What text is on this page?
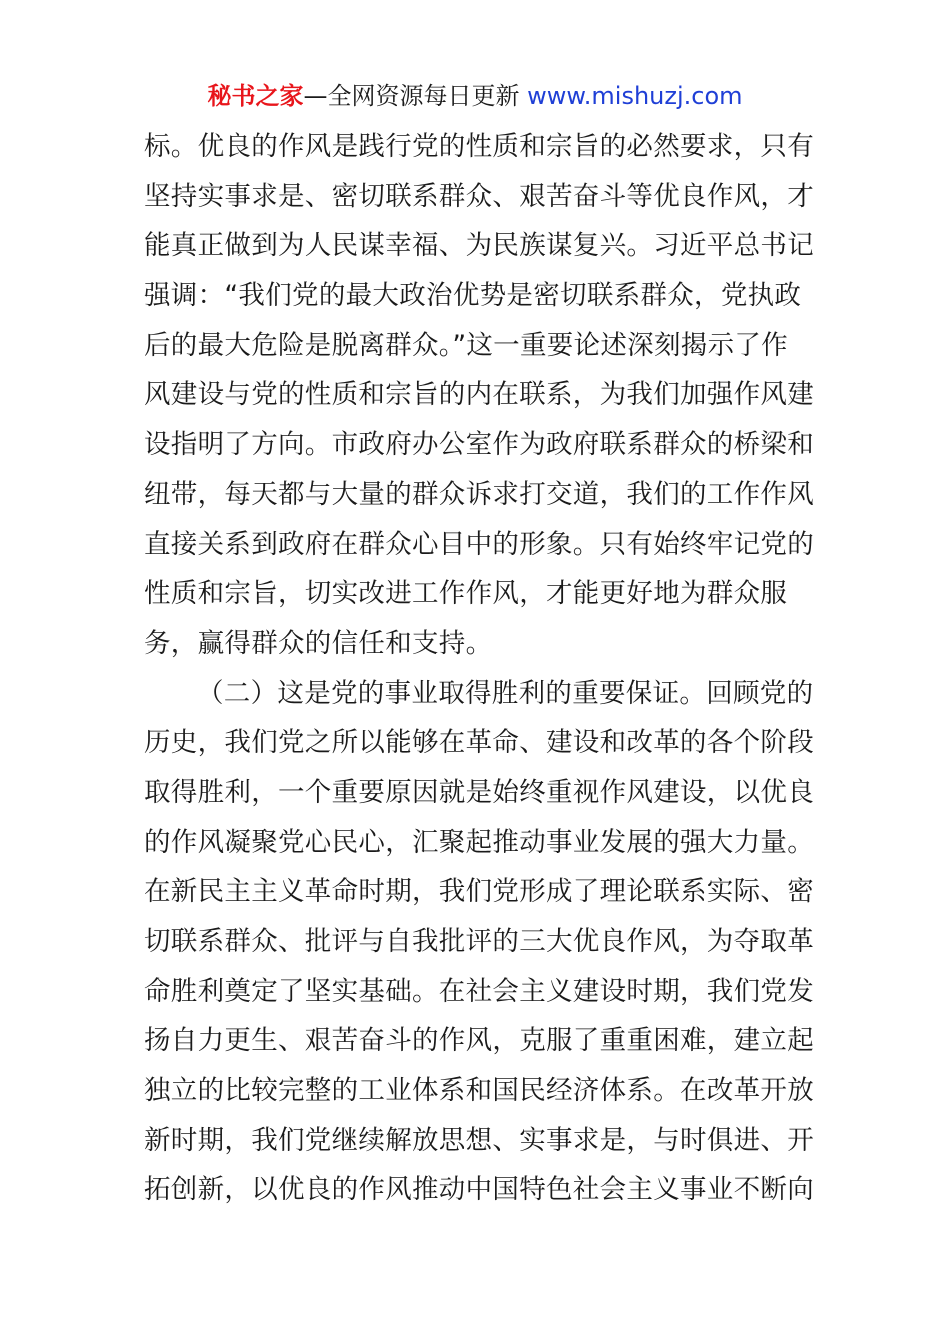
秘书之家—全网资源每日更新 www.mishuzj.com
标。优良的作风是践行党的性质和宗旨的必然要求，只有
坚持实事求是、密切联系群众、艰苦奋斗等优良作风，才
能真正做到为人民谋幸福、为民族谋复兴。习近平总书记
强调：“我们党的最大政治优势是密切联系群众，党执政
后的最大危险是脱离群众。”这一重要论述深刻揭示了作
风建设与党的性质和宗旨的内在联系，为我们加强作风建
设指明了方向。市政府办公室作为政府联系群众的桥梁和
纽带，每天都与大量的群众诉求打交道，我们的工作作风
直接关系到政府在群众心目中的形象。只有始终牢记党的
性质和宗旨，切实改进工作作风，才能更好地为群众服
务，赢得群众的信任和支持。
（二）这是党的事业取得胜利的重要保证。回顾党的
历史，我们党之所以能够在革命、建设和改革的各个阶段
取得胜利，一个重要原因就是始终重视作风建设，以优良
的作风凝聚党心民心，汇聚起推动事业发展的强大力量。
在新民主主义革命时期，我们党形成了理论联系实际、密
切联系群众、批评与自我批评的三大优良作风，为夺取革
命胜利奠定了坚实基础。在社会主义建设时期，我们党发
扬自力更生、艰苦奋斗的作风，克服了重重困难，建立起
独立的比较完整的工业体系和国民经济体系。在改革开放
新时期，我们党继续解放思想、实事求是，与时俱进、开
拓创新，以优良的作风推动中国特色社会主义事业不断向
